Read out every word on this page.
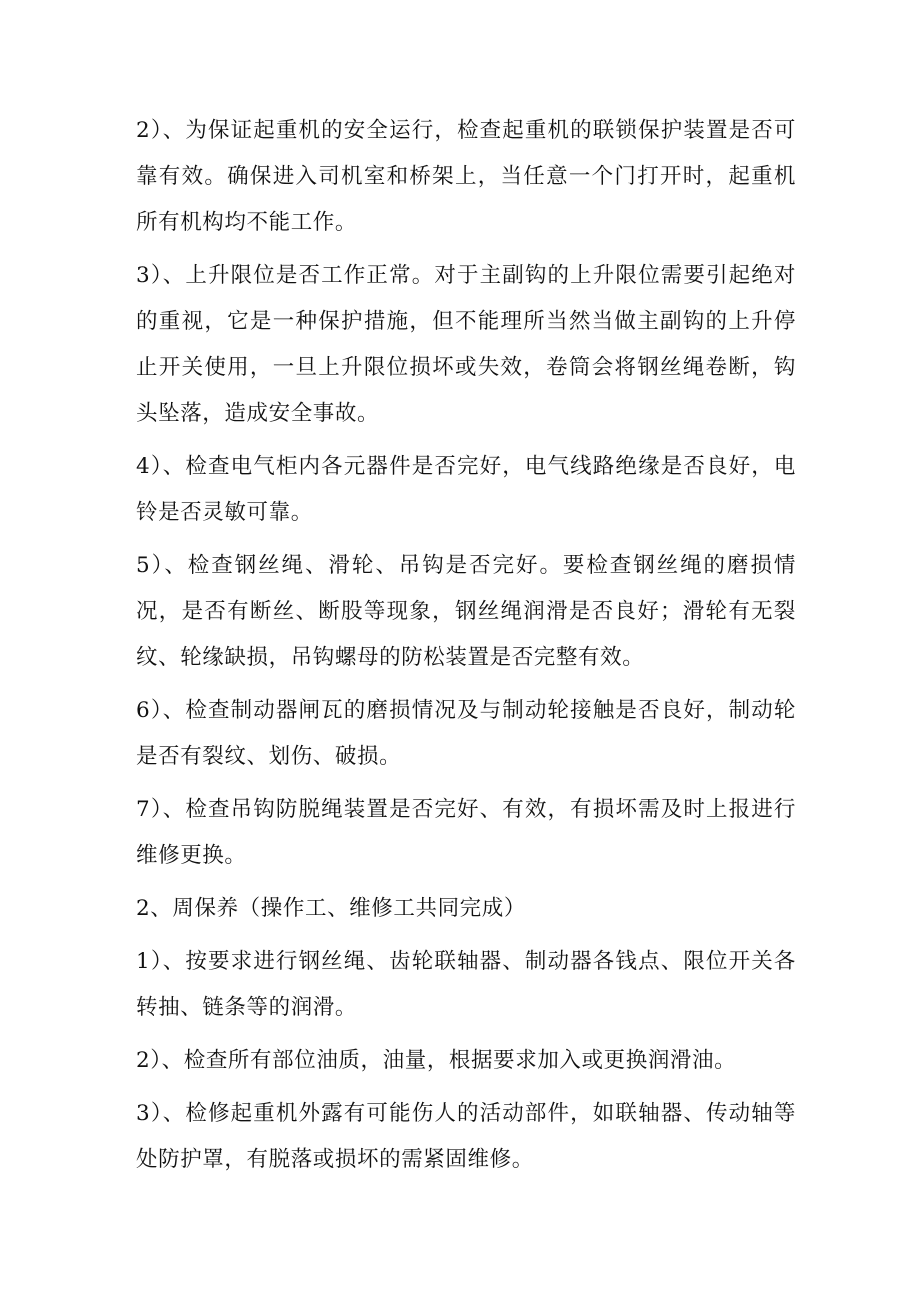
2）、为保证起重机的安全运行，检查起重机的联锁保护装置是否可靠有效。确保进入司机室和桥架上，当任意一个门打开时，起重机所有机构均不能工作。

3）、上升限位是否工作正常。对于主副钩的上升限位需要引起绝对的重视，它是一种保护措施，但不能理所当然当做主副钩的上升停止开关使用，一旦上升限位损坏或失效，卷筒会将钢丝绳卷断，钩头坠落，造成安全事故。

4）、检查电气柜内各元器件是否完好，电气线路绝缘是否良好，电铃是否灵敏可靠。

5）、检查钢丝绳、滑轮、吊钩是否完好。要检查钢丝绳的磨损情况，是否有断丝、断股等现象，钢丝绳润滑是否良好；滑轮有无裂纹、轮缘缺损，吊钩螺母的防松装置是否完整有效。

6）、检查制动器闸瓦的磨损情况及与制动轮接触是否良好，制动轮是否有裂纹、划伤、破损。

7）、检查吊钩防脱绳装置是否完好、有效，有损坏需及时上报进行维修更换。

2、周保养（操作工、维修工共同完成）

1）、按要求进行钢丝绳、齿轮联轴器、制动器各钱点、限位开关各转抽、链条等的润滑。

2）、检查所有部位油质，油量，根据要求加入或更换润滑油。

3）、检修起重机外露有可能伤人的活动部件，如联轴器、传动轴等处防护罩，有脱落或损坏的需紧固维修。
